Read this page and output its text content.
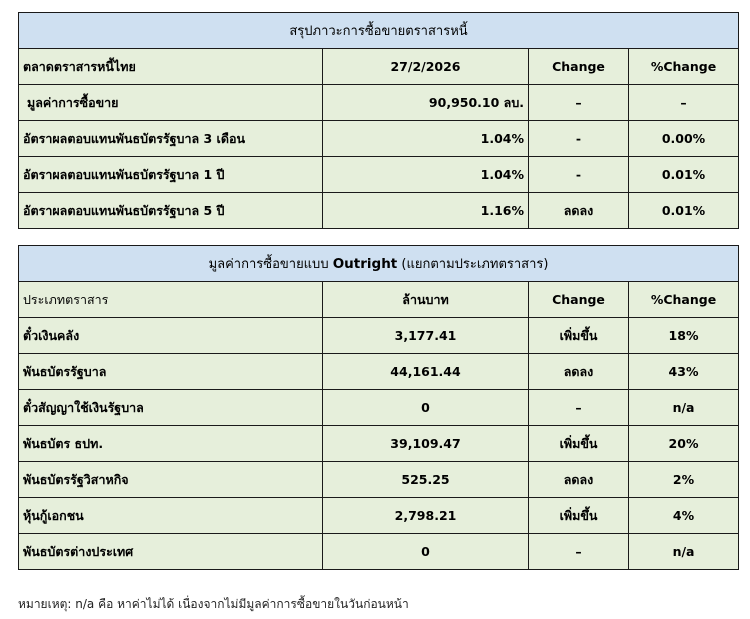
สรุปภาวะการซื้อขายตราสารหนี้			
ตลาดตราสารหนี้ไทย	27/2/2026	Change	%Change
มูลค่าการซื้อขาย	90,950.10 ลบ.	–	–
อัตราผลตอบแทนพันธบัตรรัฐบาล 3 เดือน	1.04%	-	0.00%
อัตราผลตอบแทนพันธบัตรรัฐบาล 1 ปี	1.04%	-	0.01%
อัตราผลตอบแทนพันธบัตรรัฐบาล 5 ปี	1.16%	ลดลง	0.01%
มูลค่าการซื้อขายแบบ Outright (แยกตามประเภทตราสาร)			
ประเภทตราสาร	ล้านบาท	Change	%Change
ตั๋วเงินคลัง	3,177.41	เพิ่มขึ้น	18%
พันธบัตรรัฐบาล	44,161.44	ลดลง	43%
ตั๋วสัญญาใช้เงินรัฐบาล	0	–	n/a
พันธบัตร ธปท.	39,109.47	เพิ่มขึ้น	20%
พันธบัตรรัฐวิสาหกิจ	525.25	ลดลง	2%
หุ้นกู้เอกชน	2,798.21	เพิ่มขึ้น	4%
พันธบัตรต่างประเทศ	0	–	n/a
หมายเหตุ: n/a คือ หาค่าไม่ได้ เนื่องจากไม่มีมูลค่าการซื้อขายในวันก่อนหน้า
